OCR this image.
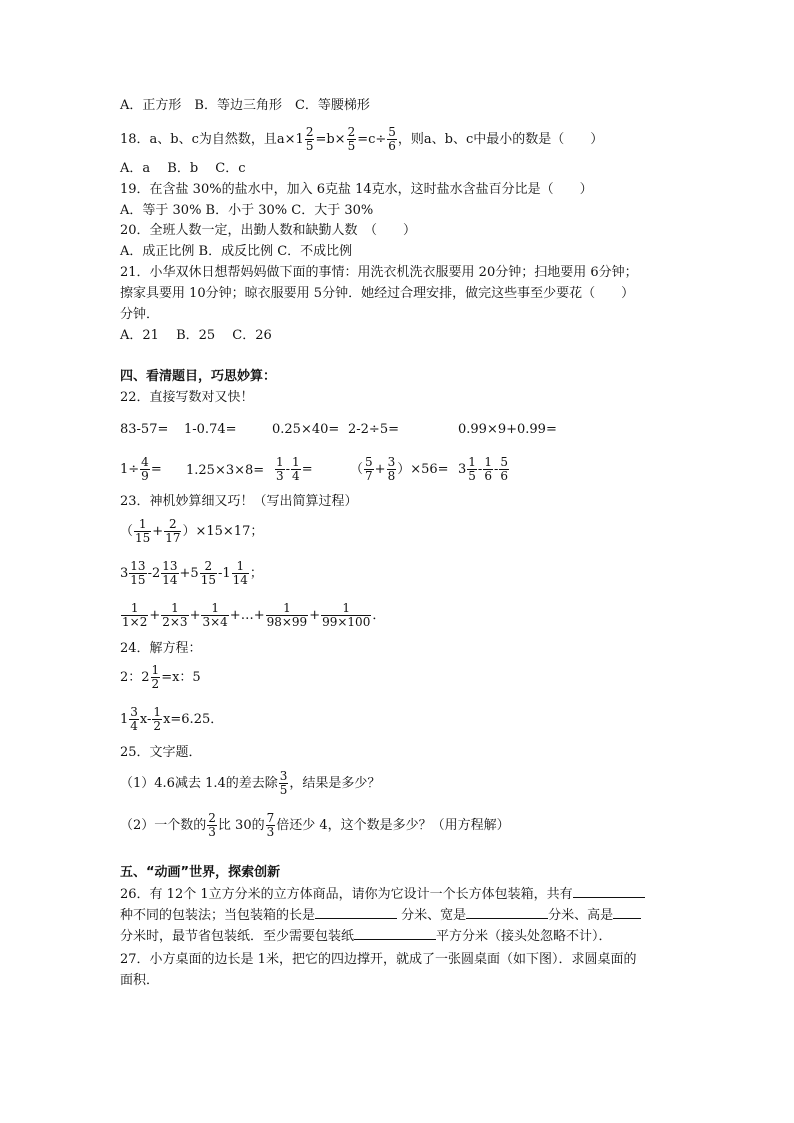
A．正方形　B．等边三角形　C．等腰梯形
18．a、b、c为自然数，且$a\times 1 \frac{2}{5} =b\times \frac{2}{5} =c\div \frac{5}{6}$ ，则a、b、c中最小的数是（　　）
A．a　 B．b　 C．c
19．在含盐 30%的盐水中，加入 6克盐 14克水，这时盐水含盐百分比是（　　）
A．等于 30% B．小于 30% C．大于 30%
20．全班人数一定，出勤人数和缺勤人数　（　　）
A．成正比例 B．成反比例 C．不成比例
21．小华双休日想帮妈妈做下面的事情：用洗衣机洗衣服要用 20分钟；扫地要用 6分钟；
擦家具要用 10分钟；晾衣服要用 5分钟．她经过合理安排，做完这些事至少要花（　　）
分钟．
A．21　 B．25　 C．26
四、看清题目，巧思妙算：
22．直接写数对又快！
83-57= 1-0.74=	0.25×40= 2-2÷5=	0.99×9+0.99=
$1\div \frac{4}{9} = 1.25\times 3\times 8= \frac{1}{3} - \frac{1}{4}$ =	（ $\frac{5}{7} + \frac{3}{8} )\times 56= 3 \frac{1}{5} - \frac{1}{6} - \frac{5}{6}$
23．神机妙算细又巧！（写出简算过程）
（ $\frac{1}{15} + \frac{2}{17} )\times 15\times 17$；
$3 \frac{13}{15} -2 \frac{13}{14} +5 \frac{2}{15} -1 \frac{1}{14}$ ；
$\frac{1}{1\times 2} + \frac{1}{2\times 3} + \frac{1}{3\times 4}$ +…+ $\frac{1}{98\times 99} + \frac{1}{99\times 100}$ ．
24．解方程：
2：$2 \frac{1}{2} =x$：5
$1 \frac{3}{4} x- \frac{1}{2} x=6.25$．
25．文字题．
（1）4.6减去 1.4的差去除 $\frac{3}{5}$ ，结果是多少？
（2）一个数的 $\frac{2}{3}$ 比 30的 $\frac{7}{3}$ 倍还少 4，这个数是多少？（用方程解）
五、“动画”世界，探索创新
26．有 12个 1立方分米的立方体商品，请你为它设计一个长方体包装箱，共有
种不同的包装法；当包装箱的长是	分米、宽是	分米、高是
分米时，最节省包装纸．至少需要包装纸	平方分米（接头处忽略不计）．
27．小方桌面的边长是 1米，把它的四边撑开，就成了一张圆桌面（如下图）．求圆桌面的
面积．
